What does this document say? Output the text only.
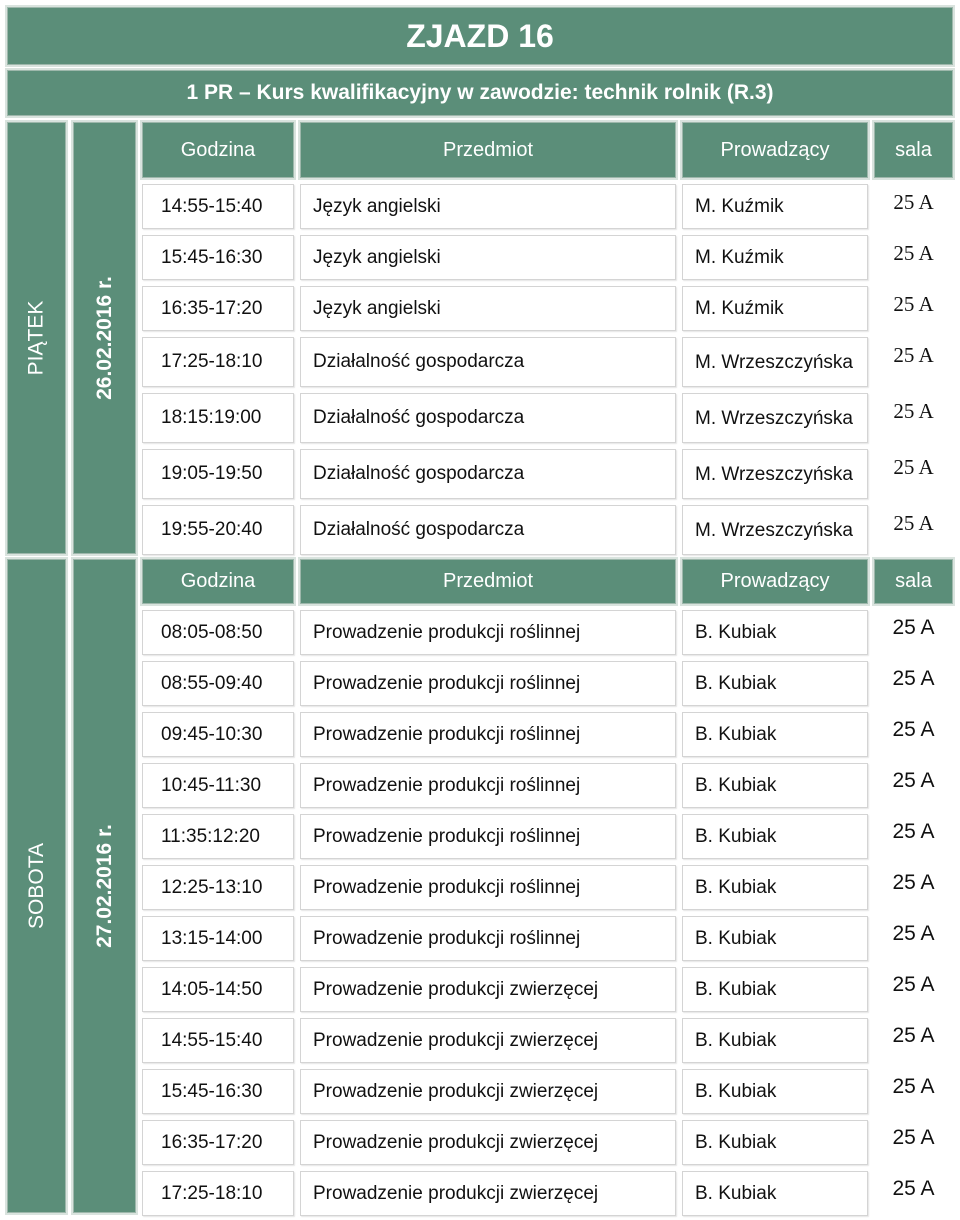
ZJAZD 16
1 PR – Kurs kwalifikacyjny w zawodzie: technik rolnik (R.3)
PIĄTEK 26.02.2016 r.
Godzina	Przedmiot	Prowadzący	sala
14:55-15:40	Język angielski	M. Kuźmik	25 A
15:45-16:30	Język angielski	M. Kuźmik	25 A
16:35-17:20	Język angielski	M. Kuźmik	25 A
17:25-18:10	Działalność gospodarcza	M. Wrzeszczyńska	25 A
18:15:19:00	Działalność gospodarcza	M. Wrzeszczyńska	25 A
19:05-19:50	Działalność gospodarcza	M. Wrzeszczyńska	25 A
19:55-20:40	Działalność gospodarcza	M. Wrzeszczyńska	25 A
SOBOTA 27.02.2016 r.
Godzina	Przedmiot	Prowadzący	sala
08:05-08:50	Prowadzenie produkcji roślinnej	B. Kubiak	25 A
08:55-09:40	Prowadzenie produkcji roślinnej	B. Kubiak	25 A
09:45-10:30	Prowadzenie produkcji roślinnej	B. Kubiak	25 A
10:45-11:30	Prowadzenie produkcji roślinnej	B. Kubiak	25 A
11:35:12:20	Prowadzenie produkcji roślinnej	B. Kubiak	25 A
12:25-13:10	Prowadzenie produkcji roślinnej	B. Kubiak	25 A
13:15-14:00	Prowadzenie produkcji roślinnej	B. Kubiak	25 A
14:05-14:50	Prowadzenie produkcji zwierzęcej	B. Kubiak	25 A
14:55-15:40	Prowadzenie produkcji zwierzęcej	B. Kubiak	25 A
15:45-16:30	Prowadzenie produkcji zwierzęcej	B. Kubiak	25 A
16:35-17:20	Prowadzenie produkcji zwierzęcej	B. Kubiak	25 A
17:25-18:10	Prowadzenie produkcji zwierzęcej	B. Kubiak	25 A
